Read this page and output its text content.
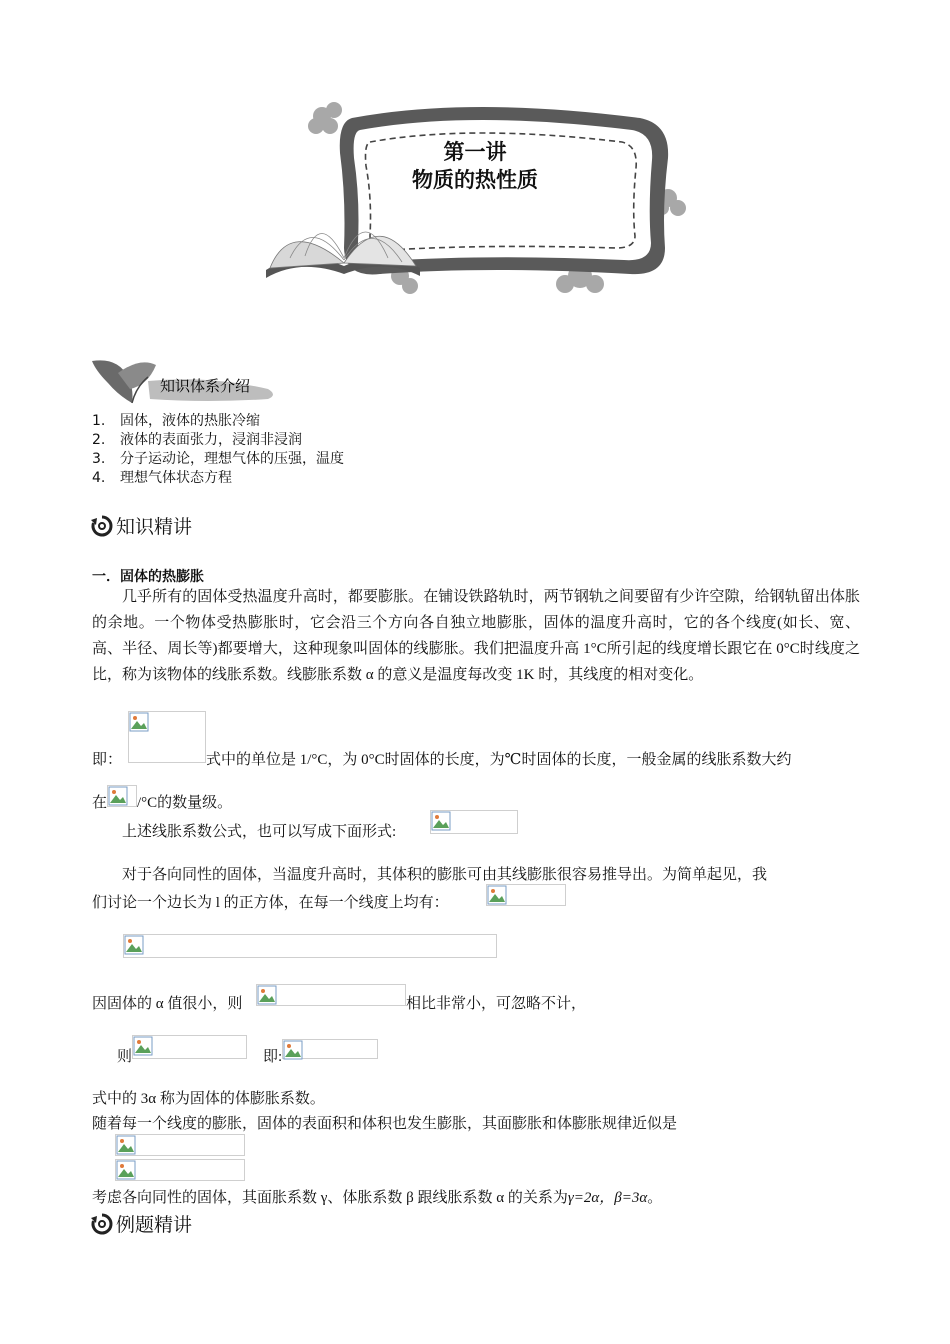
第一讲
物质的热性质
知识体系介绍
1. 固体，液体的热胀冷缩
2. 液体的表面张力，浸润非浸润
3. 分子运动论，理想气体的压强，温度
4. 理想气体状态方程
知识精讲
一．固体的热膨胀
几乎所有的固体受热温度升高时，都要膨胀。在铺设铁路轨时，两节钢轨之间要留有少许空隙，给钢轨留出体胀的余地。一个物体受热膨胀时，它会沿三个方向各自独立地膨胀，固体的温度升高时，它的各个线度(如长、宽、高、半径、周长等)都要增大，这种现象叫固体的线膨胀。我们把温度升高 1°C所引起的线度增长跟它在 0°C时线度之比，称为该物体的线胀系数。线膨胀系数 α 的意义是温度每改变 1K 时，其线度的相对变化。
即：	式中的单位是 1/°C，为 0°C时固体的长度，为℃时固体的长度，一般金属的线胀系数大约
在 /°C的数量级。
上述线胀系数公式，也可以写成下面形式:
对于各向同性的固体，当温度升高时，其体积的膨胀可由其线膨胀很容易推导出。为简单起见，我
们讨论一个边长为 l 的正方体，在每一个线度上均有：
因固体的 α 值很小，则	相比非常小，可忽略不计，
则	即:
式中的 3α 称为固体的体膨胀系数。
随着每一个线度的膨胀，固体的表面积和体积也发生膨胀，其面膨胀和体膨胀规律近似是
考虑各向同性的固体，其面胀系数 γ、体胀系数 β 跟线胀系数 α 的关系为γ=2α，β=3α。
例题精讲
